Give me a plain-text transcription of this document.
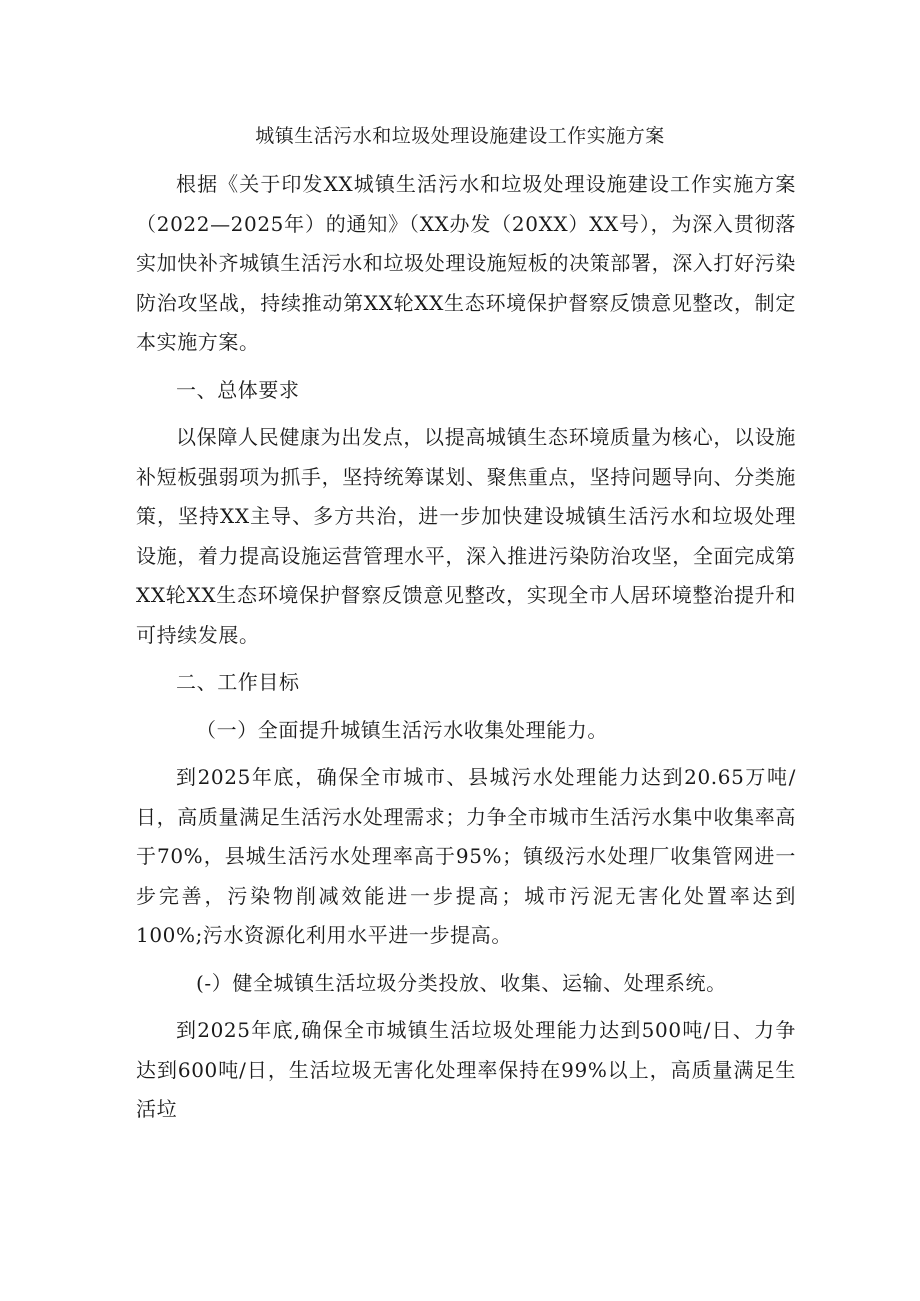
城镇生活污水和垃圾处理设施建设工作实施方案

根据《关于印发XX城镇生活污水和垃圾处理设施建设工作实施方案（2022—2025年）的通知》（XX办发（20XX）XX号），为深入贯彻落实加快补齐城镇生活污水和垃圾处理设施短板的决策部署，深入打好污染防治攻坚战，持续推动第XX轮XX生态环境保护督察反馈意见整改，制定本实施方案。

一、总体要求

以保障人民健康为出发点，以提高城镇生态环境质量为核心，以设施补短板强弱项为抓手，坚持统筹谋划、聚焦重点，坚持问题导向、分类施策，坚持XX主导、多方共治，进一步加快建设城镇生活污水和垃圾处理设施，着力提高设施运营管理水平，深入推进污染防治攻坚，全面完成第XX轮XX生态环境保护督察反馈意见整改，实现全市人居环境整治提升和可持续发展。

二、工作目标

（一）全面提升城镇生活污水收集处理能力。

到2025年底，确保全市城市、县城污水处理能力达到20.65万吨/日，高质量满足生活污水处理需求；力争全市城市生活污水集中收集率高于70%，县城生活污水处理率高于95%；镇级污水处理厂收集管网进一步完善，污染物削减效能进一步提高；城市污泥无害化处置率达到100%;污水资源化利用水平进一步提高。

(-）健全城镇生活垃圾分类投放、收集、运输、处理系统。

到2025年底,确保全市城镇生活垃圾处理能力达到500吨/日、力争达到600吨/日，生活垃圾无害化处理率保持在99%以上，高质量满足生活垃
